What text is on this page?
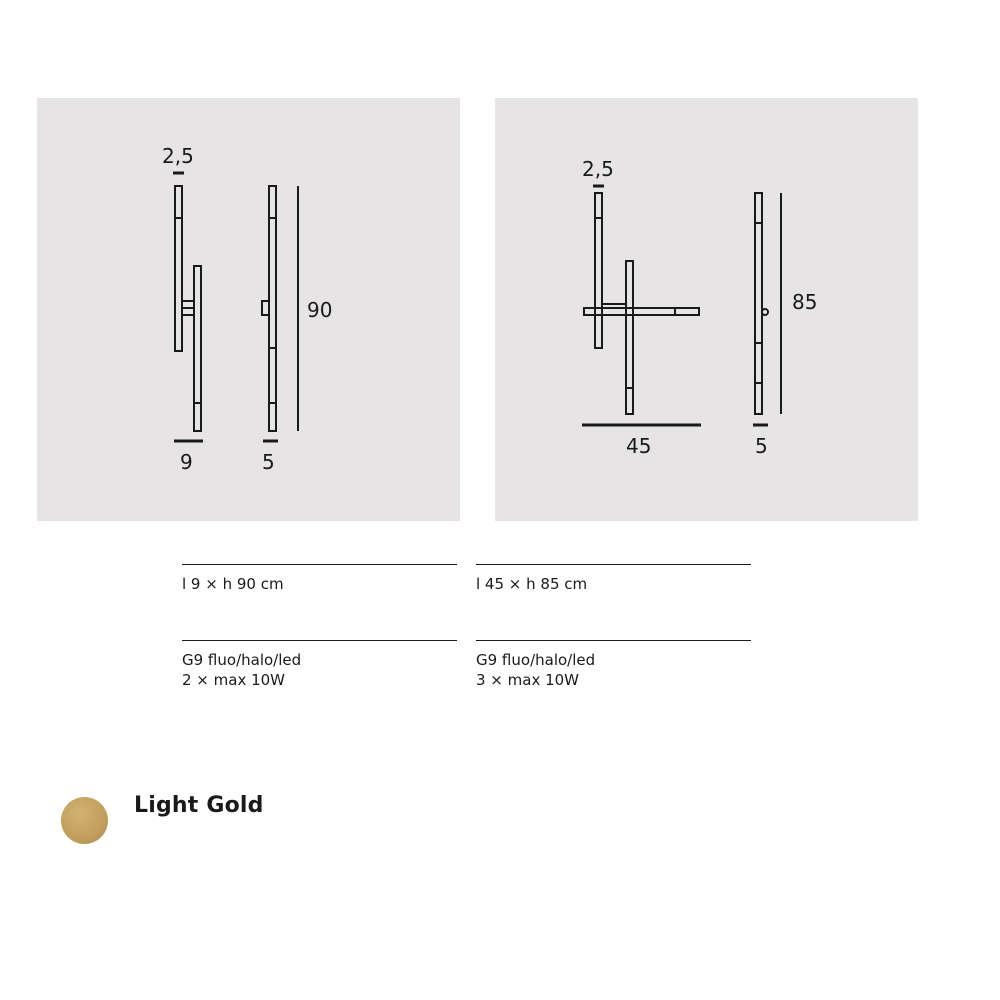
2,5
9	5
90
2,5
45	5
85
l 9 × h 90 cm	l 45 × h 85 cm
G9 fluo/halo/led
2 × max 10W
G9 fluo/halo/led
3 × max 10W
Light Gold
